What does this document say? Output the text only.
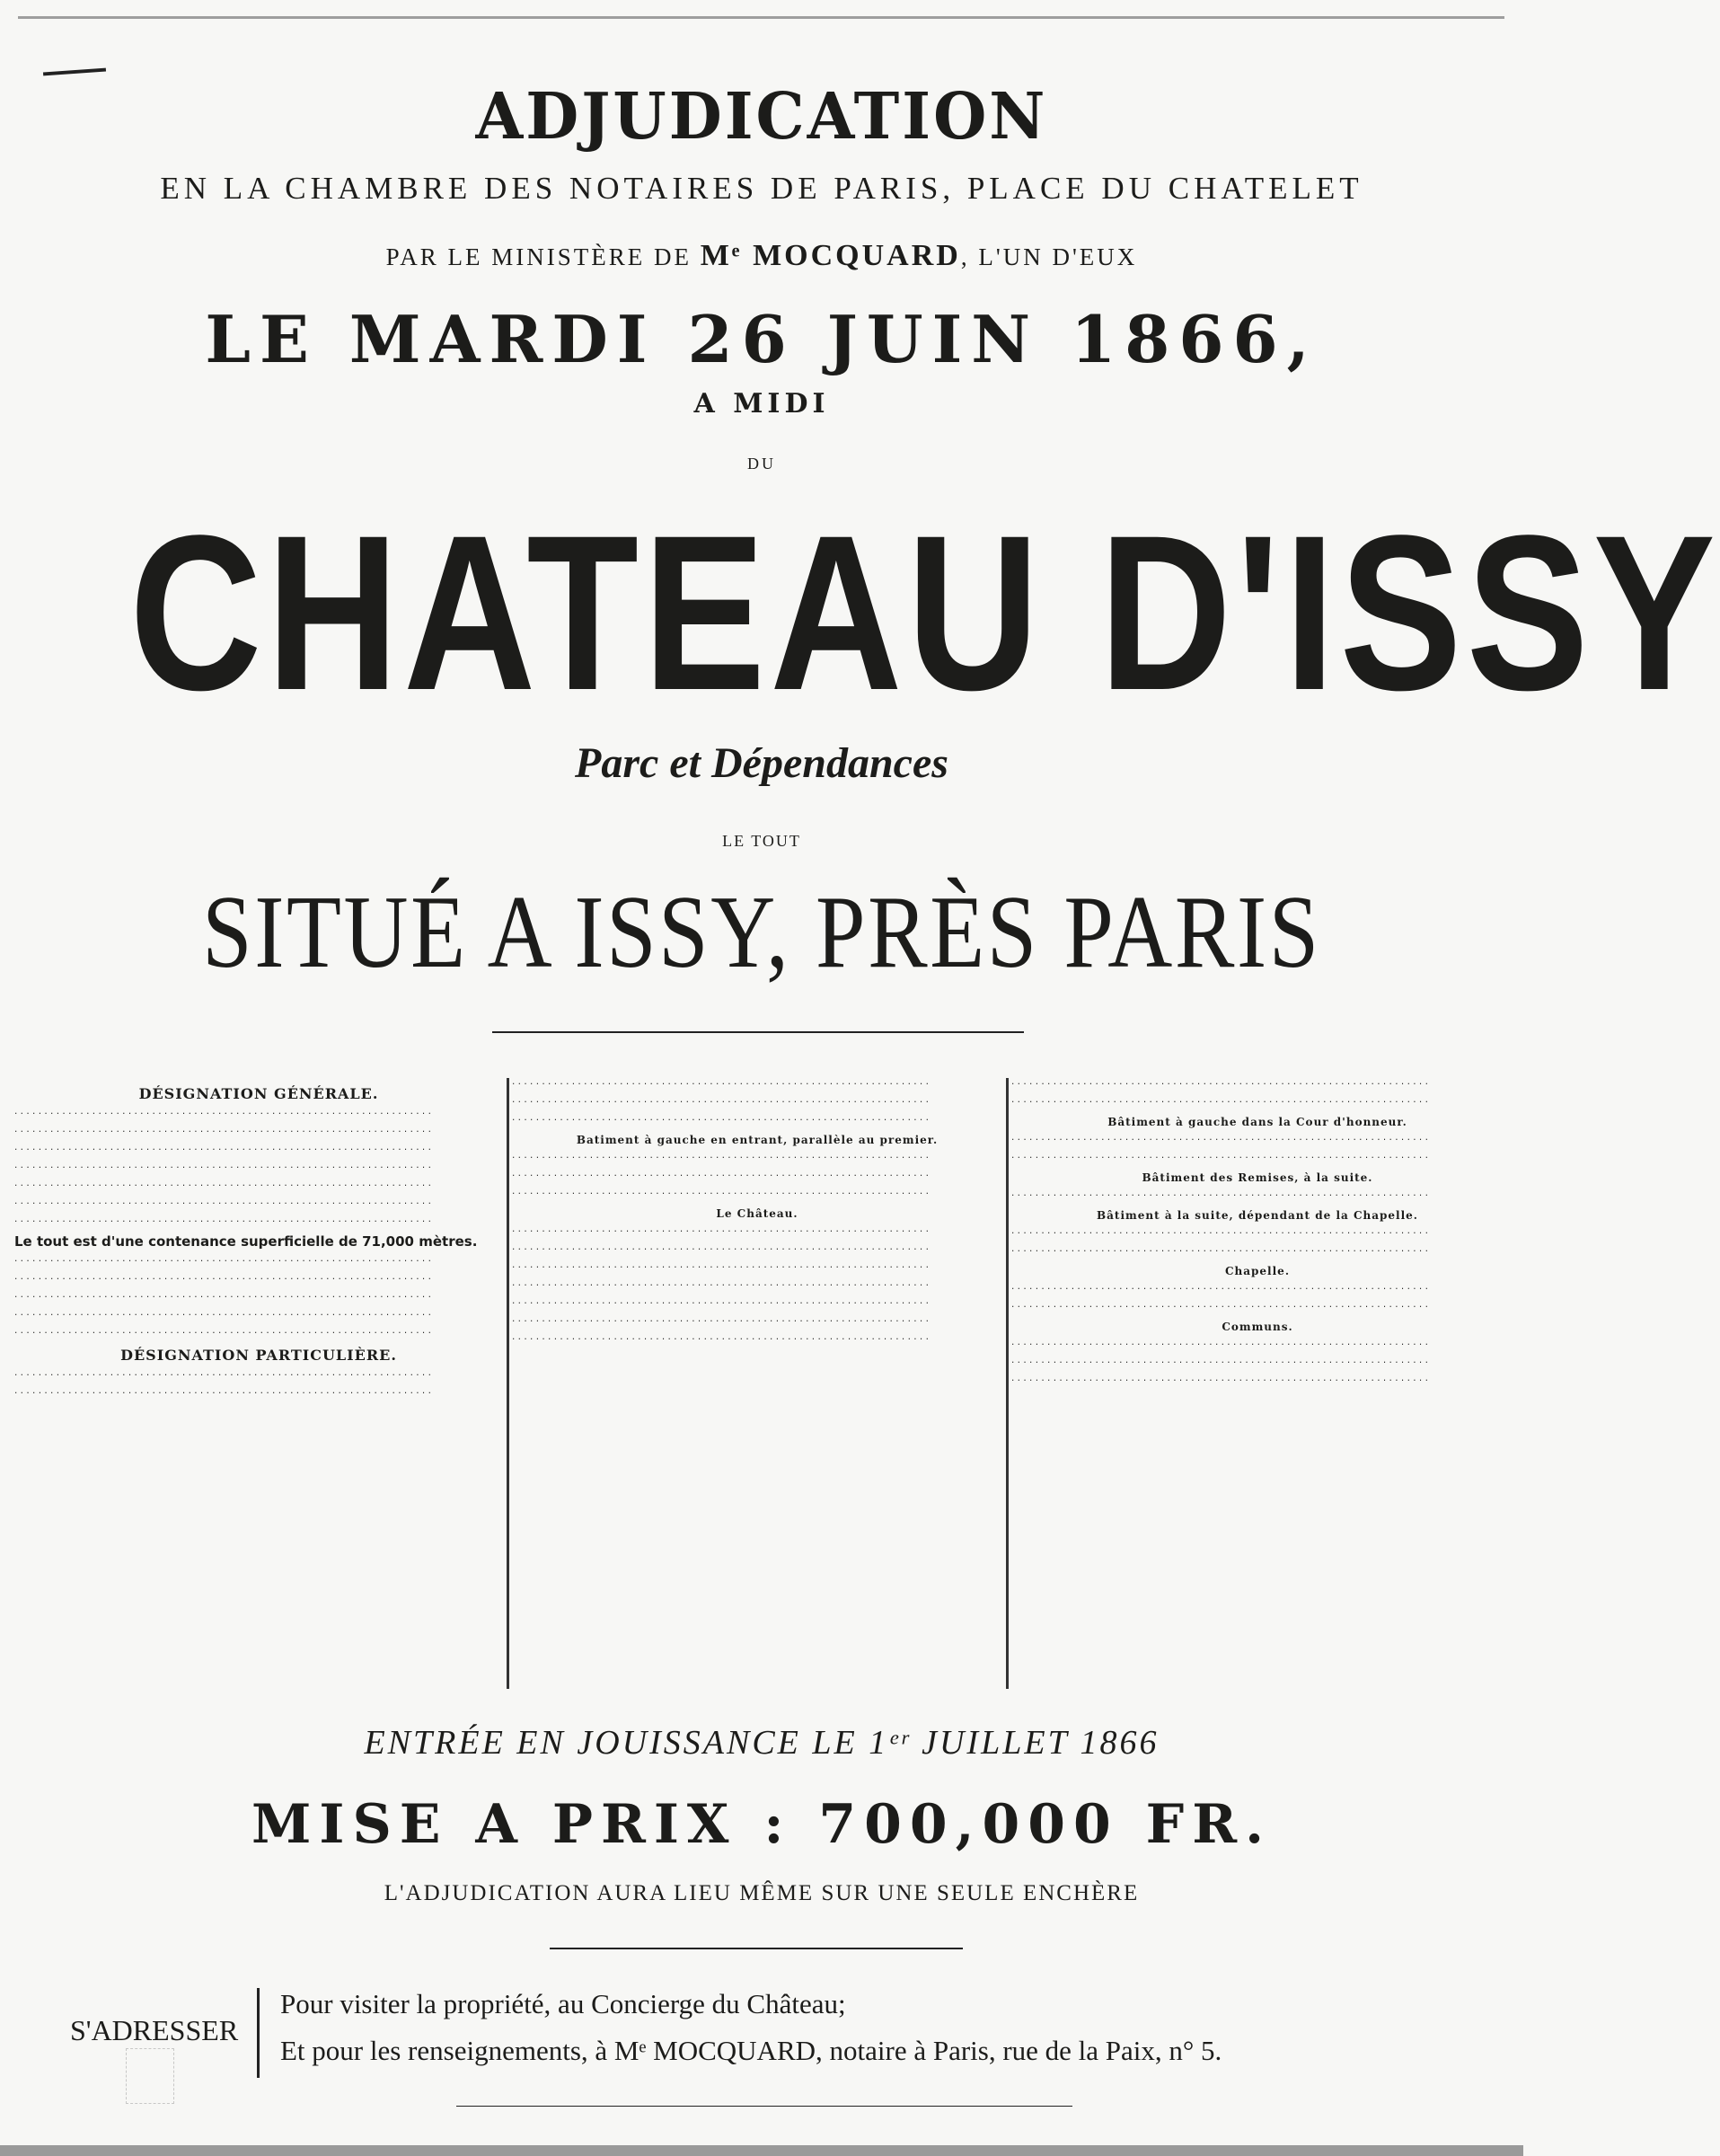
ADJUDICATION
EN LA CHAMBRE DES NOTAIRES DE PARIS, PLACE DU CHATELET
PAR LE MINISTÈRE DE Mᵉ MOCQUARD, L'UN D'EUX
LE MARDI 26 JUIN 1866,
A MIDI
DU
CHATEAU D'ISSY
Parc et Dépendances
LE TOUT
SITUÉ A ISSY, PRÈS PARIS
DÉSIGNATION GÉNÉRALE.

· · · · · · · · · · · · · · · · · · · · · · · · · · · · · · · · · · · · · · · · · · · · · · · · · · · · · · · · · · · · · · · · · · · · · ·

· · · · · · · · · · · · · · · · · · · · · · · · · · · · · · · · · · · · · · · · · · · · · · · · · · · · · · · · · · · · · · · · · · · · · ·

· · · · · · · · · · · · · · · · · · · · · · · · · · · · · · · · · · · · · · · · · · · · · · · · · · · · · · · · · · · · · · · · · · · · · ·

· · · · · · · · · · · · · · · · · · · · · · · · · · · · · · · · · · · · · · · · · · · · · · · · · · · · · · · · · · · · · · · · · · · · · ·

· · · · · · · · · · · · · · · · · · · · · · · · · · · · · · · · · · · · · · · · · · · · · · · · · · · · · · · · · · · · · · · · · · · · · ·

· · · · · · · · · · · · · · · · · · · · · · · · · · · · · · · · · · · · · · · · · · · · · · · · · · · · · · · · · · · · · · · · · · · · · ·

· · · · · · · · · · · · · · · · · · · · · · · · · · · · · · · · · · · · · · · · · · · · · · · · · · · · · · · · · · · · · · · · · · · · · ·

Le tout est d'une contenance superficielle de 71,000 mètres.

· · · · · · · · · · · · · · · · · · · · · · · · · · · · · · · · · · · · · · · · · · · · · · · · · · · · · · · · · · · · · · · · · · · · · ·

· · · · · · · · · · · · · · · · · · · · · · · · · · · · · · · · · · · · · · · · · · · · · · · · · · · · · · · · · · · · · · · · · · · · · ·

· · · · · · · · · · · · · · · · · · · · · · · · · · · · · · · · · · · · · · · · · · · · · · · · · · · · · · · · · · · · · · · · · · · · · ·

· · · · · · · · · · · · · · · · · · · · · · · · · · · · · · · · · · · · · · · · · · · · · · · · · · · · · · · · · · · · · · · · · · · · · ·

· · · · · · · · · · · · · · · · · · · · · · · · · · · · · · · · · · · · · · · · · · · · · · · · · · · · · · · · · · · · · · · · · · · · · ·

DÉSIGNATION PARTICULIÈRE.

· · · · · · · · · · · · · · · · · · · · · · · · · · · · · · · · · · · · · · · · · · · · · · · · · · · · · · · · · · · · · · · · · · · · · ·

· · · · · · · · · · · · · · · · · · · · · · · · · · · · · · · · · · · · · · · · · · · · · · · · · · · · · · · · · · · · · · · · · · · · · ·

· · · · · · · · · · · · · · · · · · · · · · · · · · · · · · · · · · · · · · · · · · · · · · · · · · · · · · · · · · · · · · · · · · · · · ·

· · · · · · · · · · · · · · · · · · · · · · · · · · · · · · · · · · · · · · · · · · · · · · · · · · · · · · · · · · · · · · · · · · · · · ·

· · · · · · · · · · · · · · · · · · · · · · · · · · · · · · · · · · · · · · · · · · · · · · · · · · · · · · · · · · · · · · · · · · · · · ·

Batiment à gauche en entrant, parallèle au premier.

· · · · · · · · · · · · · · · · · · · · · · · · · · · · · · · · · · · · · · · · · · · · · · · · · · · · · · · · · · · · · · · · · · · · · ·

· · · · · · · · · · · · · · · · · · · · · · · · · · · · · · · · · · · · · · · · · · · · · · · · · · · · · · · · · · · · · · · · · · · · · ·

· · · · · · · · · · · · · · · · · · · · · · · · · · · · · · · · · · · · · · · · · · · · · · · · · · · · · · · · · · · · · · · · · · · · · ·

Le Château.

· · · · · · · · · · · · · · · · · · · · · · · · · · · · · · · · · · · · · · · · · · · · · · · · · · · · · · · · · · · · · · · · · · · · · ·

· · · · · · · · · · · · · · · · · · · · · · · · · · · · · · · · · · · · · · · · · · · · · · · · · · · · · · · · · · · · · · · · · · · · · ·

· · · · · · · · · · · · · · · · · · · · · · · · · · · · · · · · · · · · · · · · · · · · · · · · · · · · · · · · · · · · · · · · · · · · · ·

· · · · · · · · · · · · · · · · · · · · · · · · · · · · · · · · · · · · · · · · · · · · · · · · · · · · · · · · · · · · · · · · · · · · · ·

· · · · · · · · · · · · · · · · · · · · · · · · · · · · · · · · · · · · · · · · · · · · · · · · · · · · · · · · · · · · · · · · · · · · · ·

· · · · · · · · · · · · · · · · · · · · · · · · · · · · · · · · · · · · · · · · · · · · · · · · · · · · · · · · · · · · · · · · · · · · · ·

· · · · · · · · · · · · · · · · · · · · · · · · · · · · · · · · · · · · · · · · · · · · · · · · · · · · · · · · · · · · · · · · · · · · · ·

· · · · · · · · · · · · · · · · · · · · · · · · · · · · · · · · · · · · · · · · · · · · · · · · · · · · · · · · · · · · · · · · · · · · · ·

· · · · · · · · · · · · · · · · · · · · · · · · · · · · · · · · · · · · · · · · · · · · · · · · · · · · · · · · · · · · · · · · · · · · · ·

Bâtiment à gauche dans la Cour d'honneur.

· · · · · · · · · · · · · · · · · · · · · · · · · · · · · · · · · · · · · · · · · · · · · · · · · · · · · · · · · · · · · · · · · · · · · ·

· · · · · · · · · · · · · · · · · · · · · · · · · · · · · · · · · · · · · · · · · · · · · · · · · · · · · · · · · · · · · · · · · · · · · ·

Bâtiment des Remises, à la suite.

· · · · · · · · · · · · · · · · · · · · · · · · · · · · · · · · · · · · · · · · · · · · · · · · · · · · · · · · · · · · · · · · · · · · · ·

Bâtiment à la suite, dépendant de la Chapelle.

· · · · · · · · · · · · · · · · · · · · · · · · · · · · · · · · · · · · · · · · · · · · · · · · · · · · · · · · · · · · · · · · · · · · · ·

· · · · · · · · · · · · · · · · · · · · · · · · · · · · · · · · · · · · · · · · · · · · · · · · · · · · · · · · · · · · · · · · · · · · · ·

Chapelle.

· · · · · · · · · · · · · · · · · · · · · · · · · · · · · · · · · · · · · · · · · · · · · · · · · · · · · · · · · · · · · · · · · · · · · ·

· · · · · · · · · · · · · · · · · · · · · · · · · · · · · · · · · · · · · · · · · · · · · · · · · · · · · · · · · · · · · · · · · · · · · ·

Communs.

· · · · · · · · · · · · · · · · · · · · · · · · · · · · · · · · · · · · · · · · · · · · · · · · · · · · · · · · · · · · · · · · · · · · · ·

· · · · · · · · · · · · · · · · · · · · · · · · · · · · · · · · · · · · · · · · · · · · · · · · · · · · · · · · · · · · · · · · · · · · · ·

· · · · · · · · · · · · · · · · · · · · · · · · · · · · · · · · · · · · · · · · · · · · · · · · · · · · · · · · · · · · · · · · · · · · · ·

ENTRÉE EN JOUISSANCE LE 1ᵉʳ JUILLET 1866
MISE A PRIX : 700,000 FR.
L'ADJUDICATION AURA LIEU MÊME SUR UNE SEULE ENCHÈRE
S'ADRESSER
Pour visiter la propriété, au Concierge du Château;
Et pour les renseignements, à Mᵉ MOCQUARD, notaire à Paris, rue de la Paix, n° 5.
